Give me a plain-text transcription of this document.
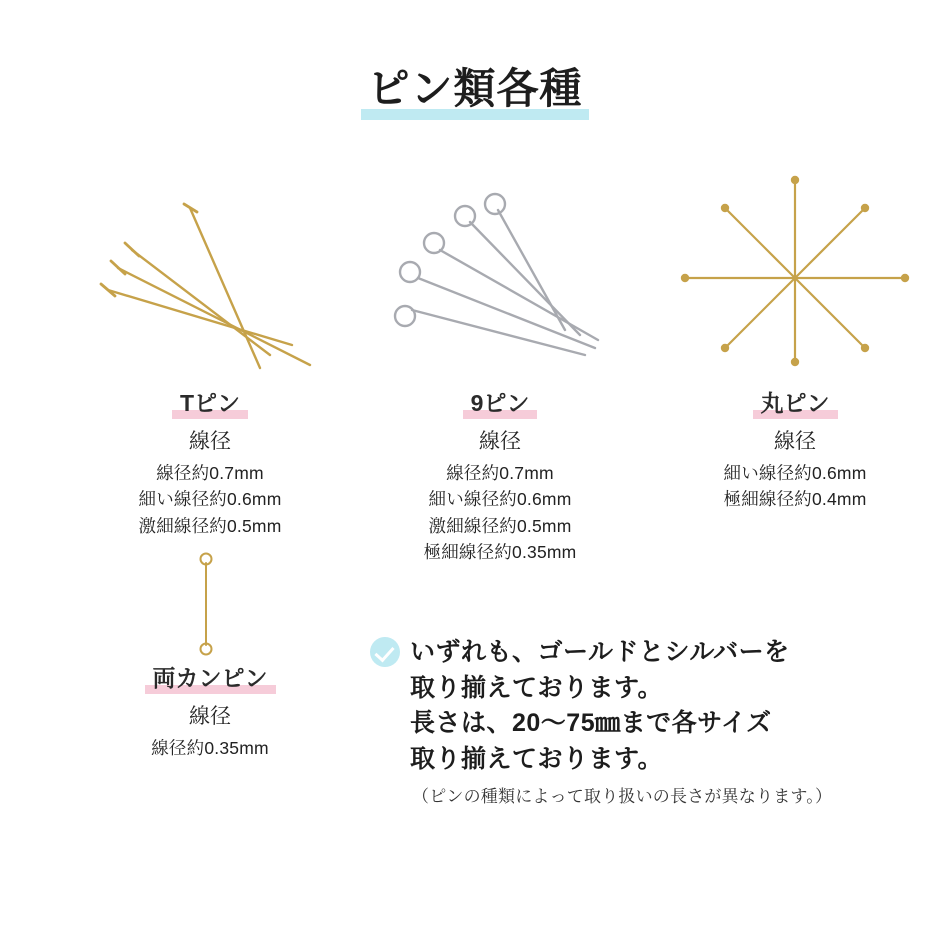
ピン類各種
Tピン
線径
線径約0.7mm
細い線径約0.6mm
激細線径約0.5mm
9ピン
線径
線径約0.7mm
細い線径約0.6mm
激細線径約0.5mm
極細線径約0.35mm
丸ピン
線径
細い線径約0.6mm
極細線径約0.4mm
両カンピン
線径
線径約0.35mm
いずれも、ゴールドとシルバーを
取り揃えております。
長さは、20〜75㎜まで各サイズ
取り揃えております。
（ピンの種類によって取り扱いの長さが異なります。）
